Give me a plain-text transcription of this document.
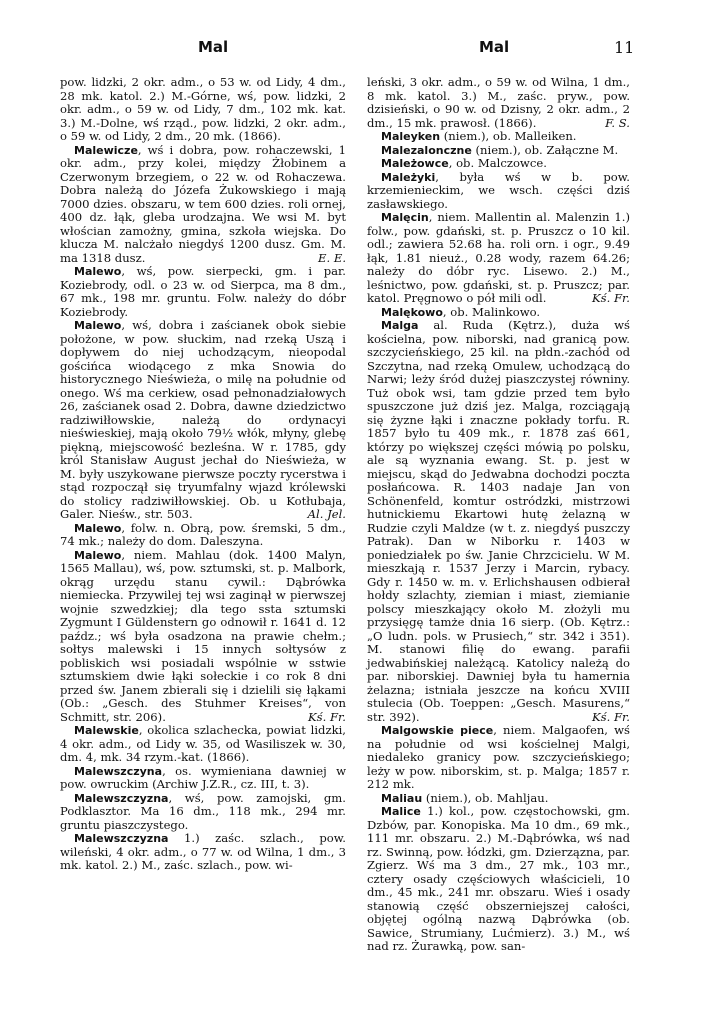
Mal	Mal	11

pow. lidzki, 2 okr. adm., o 53 w. od Lidy, 4 dm., 28 mk. katol. 2.) M.-Górne, wś, pow. lidzki, 2 okr. adm., o 59 w. od Lidy, 7 dm., 102 mk. kat. 3.) M.-Dolne, wś rząd., pow. lidzki, 2 okr. adm., o 59 w. od Lidy, 2 dm., 20 mk. (1866).

Malewicze, wś i dobra, pow. rohaczewski, 1 okr. adm., przy kolei, między Żłobinem a Czerwonym brzegiem, o 22 w. od Rohaczewa. Dobra należą do Józefa Żukowskiego i mają 7000 dzies. obszaru, w tem 600 dzies. roli ornej, 400 dz. łąk, gleba urodzajna. We wsi M. byt włościan zamożny, gmina, szkoła wiejska. Do klucza M. nalcżało niegdyś 1200 dusz. Gm. M. ma 1318 dusz.	E. E.

Malewo, wś, pow. sierpecki, gm. i par. Koziebrody, odl. o 23 w. od Sierpca, ma 8 dm., 67 mk., 198 mr. gruntu. Folw. należy do dóbr Koziebrody.

Malewo, wś, dobra i zaścianek obok siebie położone, w pow. słuckim, nad rzeką Uszą i dopływem do niej uchodzącym, nieopodal gościńca wiodącego z mka Snowia do historycznego Nieświeża, o milę na południe od onego. Wś ma cerkiew, osad pełnonadziałowych 26, zaścianek osad 2. Dobra, dawne dziedzictwo radziwiłłowskie, należą do ordynacyi nieświeskiej, mają około 79½ włók, młyny, glebę piękną, miejscowość bezleśna. W r. 1785, gdy król Stanisław August jechał do Nieświeża, w M. były uszykowane pierwsze poczty rycerstwa i stąd rozpoczął się tryumfalny wjazd królewski do stolicy radziwiłłowskiej. Ob. u Kotłubaja, Galer. Nieśw., str. 503.	Al. Jel.

Malewo, folw. n. Obrą, pow. śremski, 5 dm., 74 mk.; należy do dom. Daleszyna.

Malewo, niem. Mahlau (dok. 1400 Malyn, 1565 Mallau), wś, pow. sztumski, st. p. Malbork, okrąg urzędu stanu cywil.: Dąbrówka niemiecka. Przywilej tej wsi zaginął w pierwszej wojnie szwedzkiej; dla tego ssta sztumski Zygmunt I Güldenstern go odnowił r. 1641 d. 12 paźdz.; wś była osadzona na prawie chełm.; sołtys malewski i 15 innych sołtysów z pobliskich wsi posiadali wspólnie w sstwie sztumskiem dwie łąki sołeckie i co rok 8 dni przed św. Janem zbierali się i dzielili się łąkami (Ob.: „Gesch. des Stuhmer Kreises“, von Schmitt, str. 206).	Kś. Fr.

Malewskie, okolica szlachecka, powiat lidzki, 4 okr. adm., od Lidy w. 35, od Wasiliszek w. 30, dm. 4, mk. 34 rzym.-kat. (1866).

Malewszczyna, os. wymieniana dawniej w pow. owruckim (Archiw J.Z.R., cz. III, t. 3).

Malewszczyzna, wś, pow. zamojski, gm. Podklasztor. Ma 16 dm., 118 mk., 294 mr. gruntu piaszczystego.

Malewszczyzna 1.) zaśc. szlach., pow. wileński, 4 okr. adm., o 77 w. od Wilna, 1 dm., 3 mk. katol. 2.) M., zaśc. szlach., pow. wi-

leński, 3 okr. adm., o 59 w. od Wilna, 1 dm., 8 mk. katol. 3.) M., zaśc. pryw., pow. dzisieński, o 90 w. od Dzisny, 2 okr. adm., 2 dm., 15 mk. prawosł. (1866).	F. S.

Maleyken (niem.), ob. Malleiken.

Malezalonczne (niem.), ob. Załączne M.

Mależowce, ob. Malczowce.

Mależyki, była wś w b. pow. krzemienieckim, we wsch. części dziś zasławskiego.

Malęcin, niem. Mallentin al. Malenzin 1.) folw., pow. gdański, st. p. Pruszcz o 10 kil. odl.; zawiera 52.68 ha. roli orn. i ogr., 9.49 łąk, 1.81 nieuż., 0.28 wody, razem 64.26; należy do dóbr ryc. Lisewo. 2.) M., leśnictwo, pow. gdański, st. p. Pruszcz; par. katol. Pręgnowo o pół mili odl.	Kś. Fr.

Malękowo, ob. Malinkowo.

Malga al. Ruda (Kętrz.), duża wś kościelna, pow. niborski, nad granicą pow. szczycieńskiego, 25 kil. na płdn.-zachód od Szczytna, nad rzeką Omulew, uchodzącą do Narwi; leży śród dużej piaszczystej równiny. Tuż obok wsi, tam gdzie przed tem było spuszczone już dziś jez. Malga, rozciągają się żyzne łąki i znaczne pokłady torfu. R. 1857 było tu 409 mk., r. 1878 zaś 661, którzy po większej części mówią po polsku, ale są wyznania ewang. St. p. jest w miejscu, skąd do Jedwabna dochodzi poczta posłańcowa. R. 1403 nadaje Jan von Schönenfeld, komtur ostródzki, mistrzowi hutnickiemu Ekartowi hutę żelazną w Rudzie czyli Maldze (w t. z. niegdyś puszczy Patrak). Dan w Niborku r. 1403 w poniedziałek po św. Janie Chrzcicielu. W M. mieszkają r. 1537 Jerzy i Marcin, rybacy. Gdy r. 1450 w. m. v. Erlichshausen odbierał hołdy szlachty, ziemian i miast, ziemianie polscy mieszkający około M. złożyli mu przysięgę tamże dnia 16 sierp. (Ob. Kętrz.: „O ludn. pols. w Prusiech,“ str. 342 i 351). M. stanowi filię do ewang. parafii jedwabińskiej należącą. Katolicy należą do par. niborskiej. Dawniej była tu hamernia żelazna; istniała jeszcze na końcu XVIII stulecia (Ob. Toeppen: „Gesch. Masurens,“ str. 392).	Kś. Fr.

Malgowskie piece, niem. Malgaofen, wś na południe od wsi kościelnej Malgi, niedaleko granicy pow. szczycieńskiego; leży w pow. niborskim, st. p. Malga; 1857 r. 212 mk.

Maliau (niem.), ob. Mahljau.

Malice 1.) kol., pow. częstochowski, gm. Dzbów, par. Konopiska. Ma 10 dm., 69 mk., 111 mr. obszaru. 2.) M.-Dąbrówka, wś nad rz. Swinną, pow. łódzki, gm. Dzierzązna, par. Zgierz. Wś ma 3 dm., 27 mk., 103 mr., cztery osady częściowych właścicieli, 10 dm., 45 mk., 241 mr. obszaru. Wieś i osady stanowią część obszerniejszej całości, objętej ogólną nazwą Dąbrówka (ob. Sawice, Strumiany, Lućmierz). 3.) M., wś nad rz. Żurawką, pow. san-
